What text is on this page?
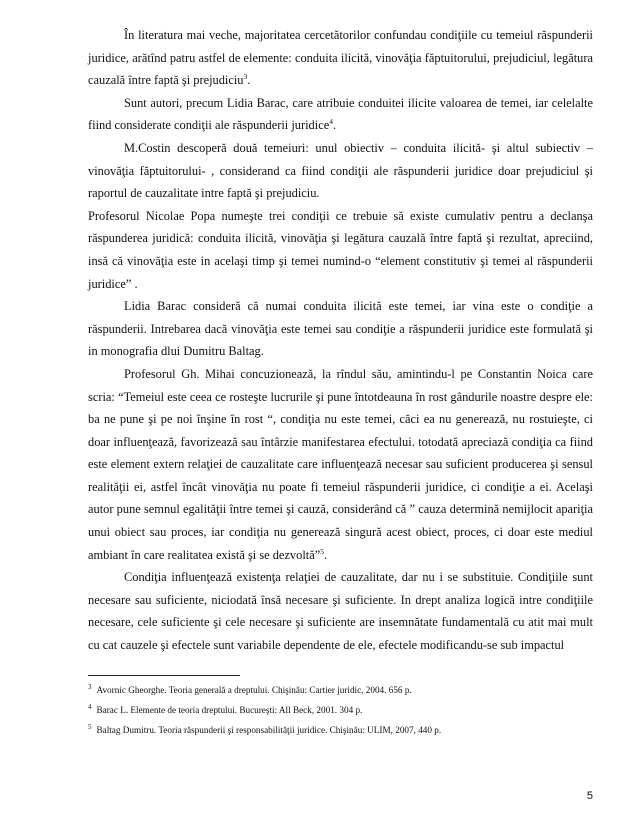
În literatura mai veche, majoritatea cercetătorilor confundau condiţiile cu temeiul răspunderii juridice, arătînd patru astfel de elemente: conduita ilicită, vinovăţia făptuitorului, prejudiciul, legătura cauzală între faptă şi prejudiciu$^3$.

Sunt autori, precum Lidia Barac, care atribuie conduitei ilicite valoarea de temei, iar celelalte fiind considerate condiţii ale răspunderii juridice$^4$.

M.Costin descoperă două temeiuri: unul obiectiv – conduita ilicită- şi altul subiectiv – vinovăţia făptuitorului- , considerand ca fiind condiţii ale răspunderii juridice doar prejudiciul şi raportul de cauzalitate intre faptă şi prejudiciu.

Profesorul Nicolae Popa numeşte trei condiţii ce trebuie să existe cumulativ pentru a declanşa răspunderea juridică: conduita ilicită, vinovăţia şi legătura cauzală între faptă şi rezultat, apreciind, insă că vinovăţia este in acelaşi timp şi temei numind-o “element constitutiv şi temei al răspunderii juridice” .

Lidia Barac consideră că numai conduita ilicită este temei, iar vina este o condiţie a răspunderii. Intrebarea dacă vinovăţia este temei sau condiţie a răspunderii juridice este formulată şi in monografia dlui Dumitru Baltag.

Profesorul Gh. Mihai concuzionează, la rîndul său, amintindu-l pe Constantin Noica care scria: “Temeiul este ceea ce rosteşte lucrurile şi pune întotdeauna în rost gândurile noastre despre ele: ba ne pune şi pe noi înşine în rost “, condiţia nu este temei, căci ea nu generează, nu rostuieşte, ci doar influenţează, favorizează sau întârzie manifestarea efectului. totodată apreciază condiţia ca fiind este element extern relaţiei de cauzalitate care influenţează necesar sau suficient producerea şi sensul realităţii ei, astfel încât vinovăţia nu poate fi temeiul răspunderii juridice, ci condiţie a ei. Acelaşi autor pune semnul egalităţii între temei şi cauză, considerând că ” cauza determină nemijlocit apariţia unui obiect sau proces, iar condiţia nu generează singură acest obiect, proces, ci doar este mediul ambiant în care realitatea există şi se dezvoltă”$^5$.

Condiţia influenţează existenţa relaţiei de cauzalitate, dar nu i se substituie. Condiţiile sunt necesare sau suficiente, niciodată însă necesare şi suficiente. In drept analiza logică intre condiţiile necesare, cele suficiente şi cele necesare şi suficiente are insemnătate fundamentală cu atit mai mult cu cat cauzele şi efectele sunt variabile dependente de ele, efectele modificandu-se sub impactul

$^3$ Avornic Gheorghe. Teoria generală a dreptului. Chişinău: Cartier juridic, 2004. 656 p.

$^4$ Barac L. Elemente de teoria dreptului. Bucureşti: All Beck, 2001. 304 p.

$^5$ Baltag Dumitru. Teoria răspunderii şi responsabilităţii juridice. Chişinău: ULIM, 2007, 440 p.

5
